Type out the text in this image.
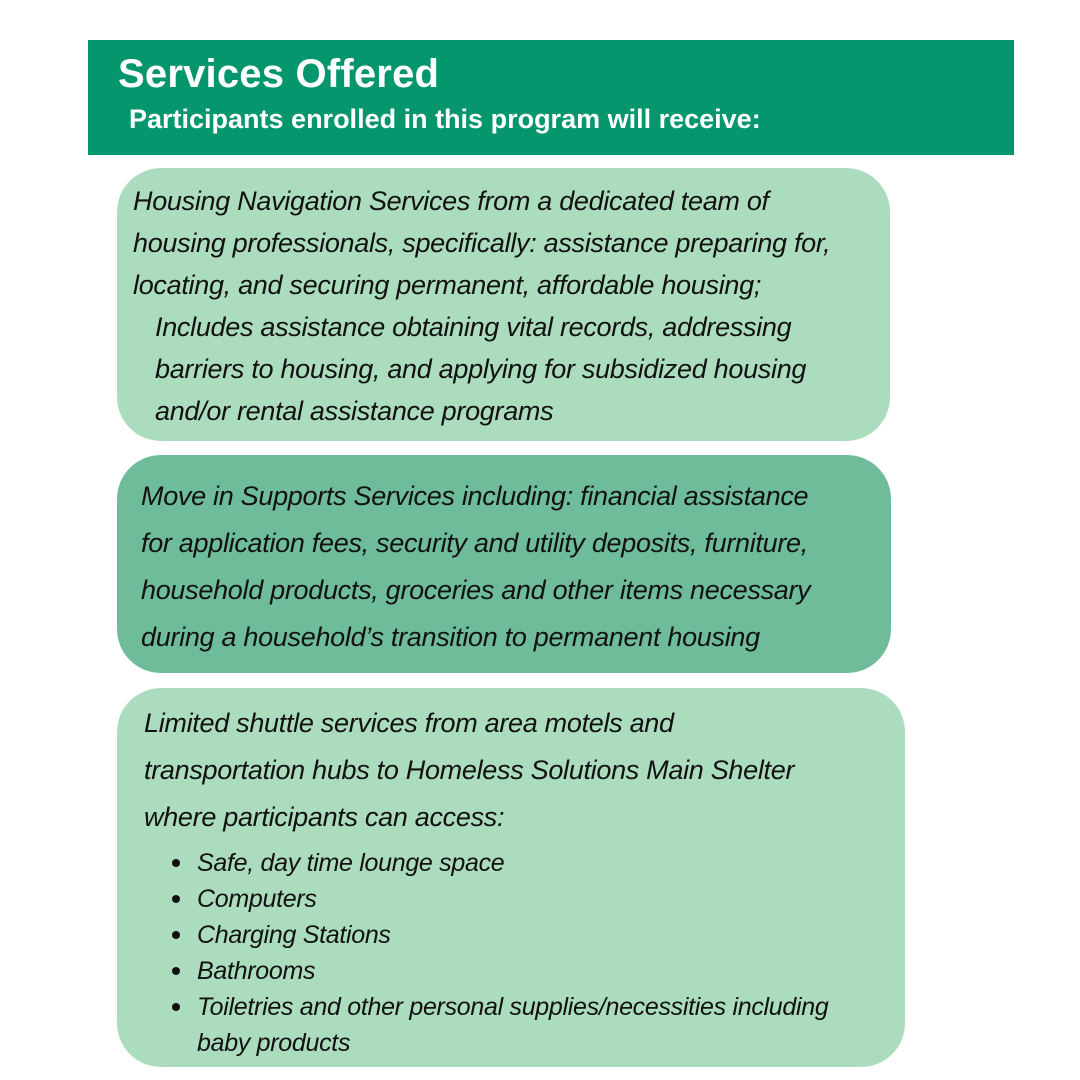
Services Offered
Participants enrolled in this program will receive:
Housing Navigation Services from a dedicated team of
housing professionals, specifically: assistance preparing for,
locating, and securing permanent, affordable housing;
Includes assistance obtaining vital records, addressing
barriers to housing, and applying for subsidized housing
and/or rental assistance programs
Move in Supports Services including: financial assistance
for application fees, security and utility deposits, furniture,
household products, groceries and other items necessary
during a household’s transition to permanent housing
Limited shuttle services from area motels and
transportation hubs to Homeless Solutions Main Shelter
where participants can access:
Safe, day time lounge space
Computers
Charging Stations
Bathrooms
Toiletries and other personal supplies/necessities including
baby products
